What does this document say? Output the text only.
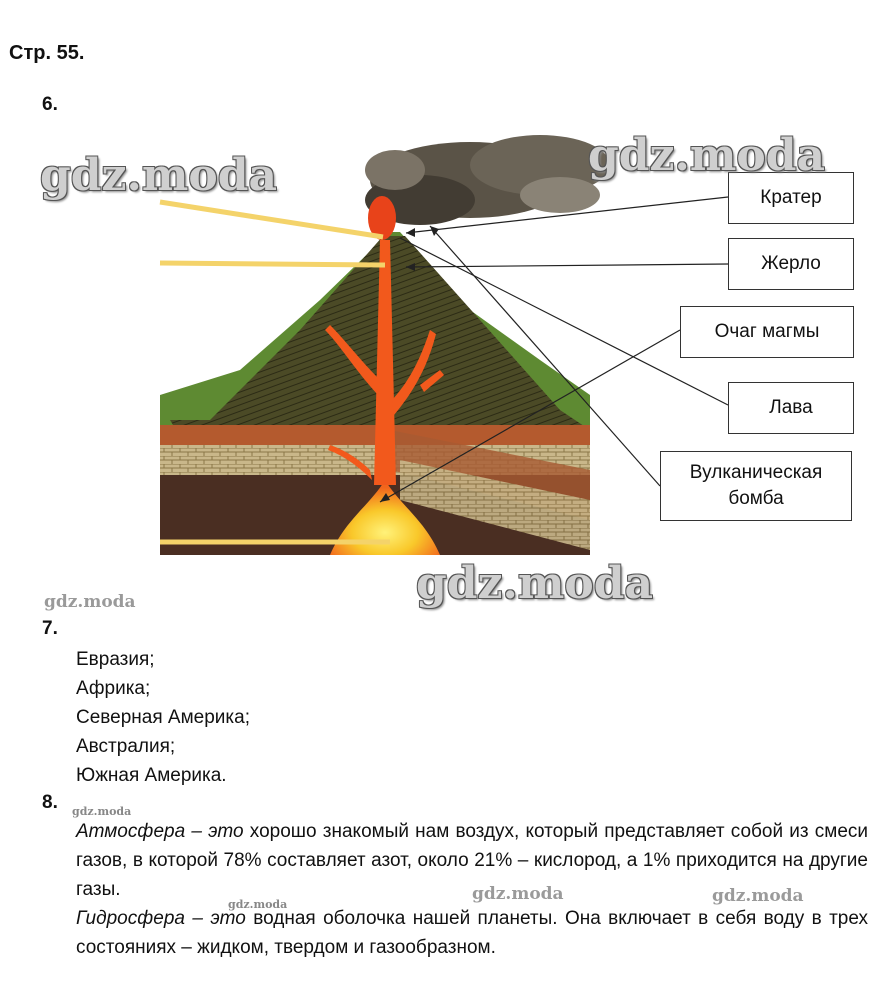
Стр. 55.
6.
Кратер
Жерло
Очаг магмы
Лава
Вулканическая бомба
gdz.moda	gdz.moda
gdz.moda
gdz.moda
gdz.moda
gdz.moda	gdz.moda
gdz.moda
7.
Евразия;
Африка;
Северная Америка;
Австралия;
Южная Америка.
8.
Атмосфера – это хорошо знакомый нам воздух, который представляет собой из смеси газов, в которой 78% составляет азот, около 21% – кислород, а 1% приходится на другие газы.
Гидросфера – это водная оболочка нашей планеты. Она включает в себя воду в трех состояниях – жидком, твердом и газообразном.
